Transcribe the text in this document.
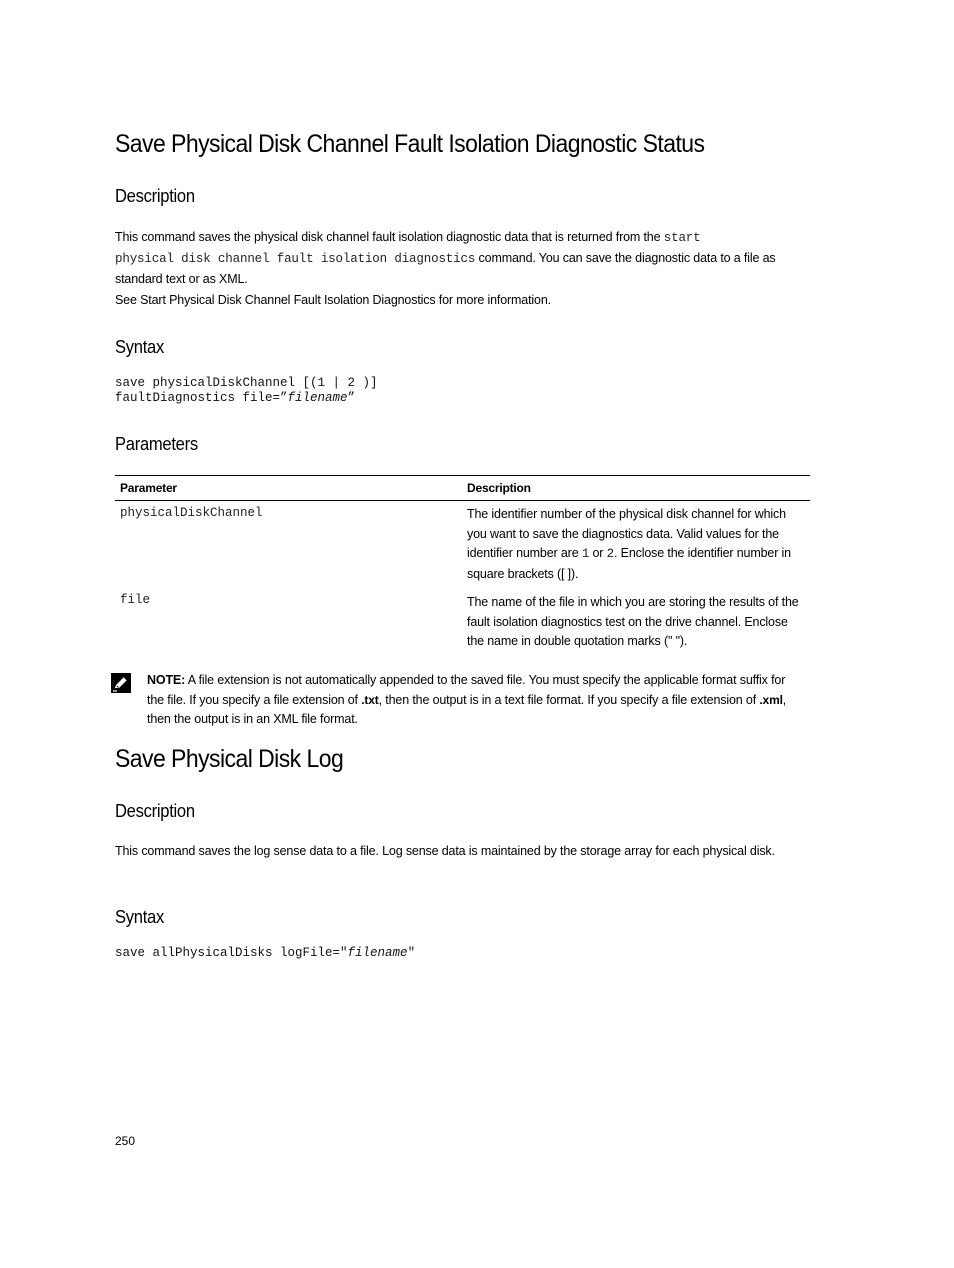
Save Physical Disk Channel Fault Isolation Diagnostic Status
Description

This command saves the physical disk channel fault isolation diagnostic data that is returned from the start
physical disk channel fault isolation diagnostics command. You can save the diagnostic data to a file as standard text or as XML.

See Start Physical Disk Channel Fault Isolation Diagnostics for more information.

Syntax
save physicalDiskChannel [(1 | 2 )]
faultDiagnostics file=”filename”
Parameters
Parameter	Description
physicalDiskChannel	The identifier number of the physical disk channel for which you want to save the diagnostics data. Valid values for the identifier number are 1 or 2. Enclose the identifier number in square brackets ([ ]).
file	The name of the file in which you are storing the results of the fault isolation diagnostics test on the drive channel. Enclose the name in double quotation marks (" ").
NOTE: A file extension is not automatically appended to the saved file. You must specify the applicable format suffix for the file. If you specify a file extension of .txt, then the output is in a text file format. If you specify a file extension of .xml, then the output is in an XML file format.
Save Physical Disk Log
Description

This command saves the log sense data to a file. Log sense data is maintained by the storage array for each physical disk.

Syntax
save allPhysicalDisks logFile="filename"
250
